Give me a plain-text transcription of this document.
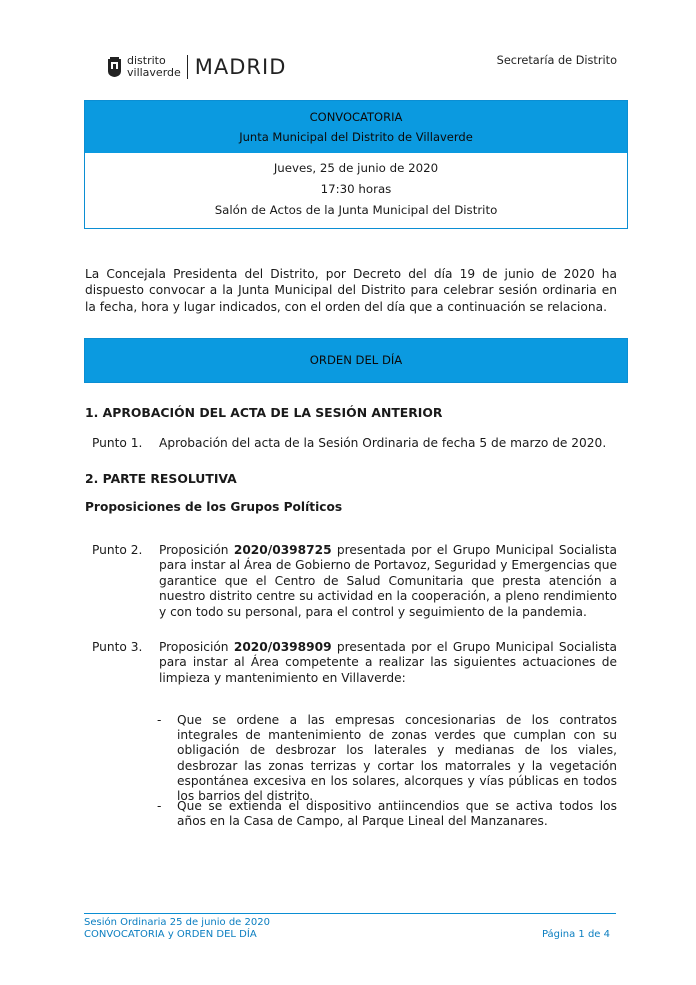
distrito
villaverde MADRID	Secretaría de Distrito
CONVOCATORIA
Junta Municipal del Distrito de Villaverde
Jueves, 25 de junio de 2020
17:30 horas
Salón de Actos de la Junta Municipal del Distrito
La Concejala Presidenta del Distrito, por Decreto del día 19 de junio de 2020 ha dispuesto convocar a la Junta Municipal del Distrito para celebrar sesión ordinaria en la fecha, hora y lugar indicados, con el orden del día que a continuación se relaciona.
ORDEN DEL DÍA
1. APROBACIÓN DEL ACTA DE LA SESIÓN ANTERIOR
Punto 1.	Aprobación del acta de la Sesión Ordinaria de fecha 5 de marzo de 2020.
2. PARTE RESOLUTIVA
Proposiciones de los Grupos Políticos
Punto 2.	Proposición 2020/0398725 presentada por el Grupo Municipal Socialista para instar al Área de Gobierno de Portavoz, Seguridad y Emergencias que garantice que el Centro de Salud Comunitaria que presta atención a nuestro distrito centre su actividad en la cooperación, a pleno rendimiento y con todo su personal, para el control y seguimiento de la pandemia.
Punto 3.	Proposición 2020/0398909 presentada por el Grupo Municipal Socialista para instar al Área competente a realizar las siguientes actuaciones de limpieza y mantenimiento en Villaverde:
- Que se ordene a las empresas concesionarias de los contratos integrales de mantenimiento de zonas verdes que cumplan con su obligación de desbrozar los laterales y medianas de los viales, desbrozar las zonas terrizas y cortar los matorrales y la vegetación espontánea excesiva en los solares, alcorques y vías públicas en todos los barrios del distrito.
- Que se extienda el dispositivo antiincendios que se activa todos los años en la Casa de Campo, al Parque Lineal del Manzanares.
Sesión Ordinaria 25 de junio de 2020
CONVOCATORIA y ORDEN DEL DÍA	Página 1 de 4
